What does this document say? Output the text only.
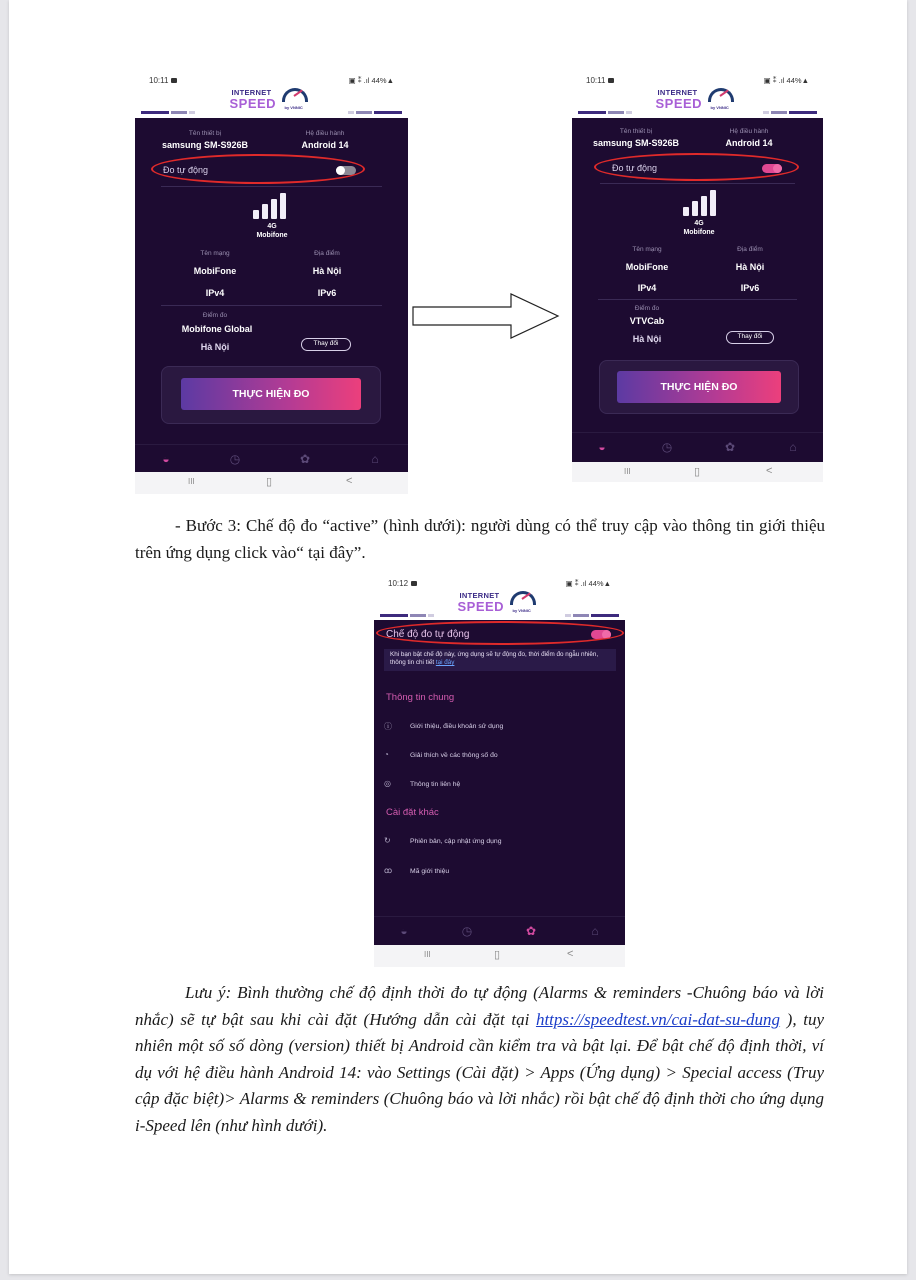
10:11	▣ ⁑ .ıl 44%▲
INTERNET
SPEED by VNNIC
Tên thiết bị
samsung SM-S926B
Hệ điều hành
Android 14
Đo tự động
4G
Mobifone
Tên mạng
MobiFone
Địa điểm
Hà Nội
IPv4	IPv6
Điểm đo
Mobifone Global
Hà Nội	Thay đổi
THỰC HIỆN ĐO
◒	◷	✿	⌂
III	▯	<
10:11	▣ ⁑ .ıl 44%▲
INTERNET
SPEED by VNNIC
Tên thiết bị
samsung SM-S926B
Hệ điều hành
Android 14
Đo tự động
4G
Mobifone
Tên mạng
MobiFone
Địa điểm
Hà Nội
IPv4	IPv6
Điểm đo
VTVCab
Hà Nội	Thay đổi
THỰC HIỆN ĐO
◒	◷	✿	⌂
III	▯	<
- Bước 3: Chế độ đo “active” (hình dưới): người dùng có thể truy cập vào thông tin giới thiệu trên ứng dụng click vào“ tại đây”.
10:12	▣ ⁑ .ıl 44%▲
INTERNET
SPEED by VNNIC
Chế độ đo tự động
Khi bạn bật chế độ này, ứng dụng sẽ tự động đo, thời điểm đo ngẫu nhiên, thông tin chi tiết tại đây
Thông tin chung
ⓘ	Giới thiệu, điều khoản sử dụng
◔	Giải thích về các thông số đo
◎	Thông tin liên hệ
Cài đặt khác
↻	Phiên bản, cập nhật ứng dụng
ꝏ	Mã giới thiệu
◒	◷	✿	⌂
III	▯	<
Lưu ý: Bình thường chế độ định thời đo tự động (Alarms & reminders -Chuông báo và lời nhắc) sẽ tự bật sau khi cài đặt (Hướng dẫn cài đặt tại https://speedtest.vn/cai-dat-su-dung ), tuy nhiên một số số dòng (version) thiết bị Android cần kiểm tra và bật lại. Để bật chế độ định thời, ví dụ với hệ điều hành Android 14: vào Settings (Cài đặt) > Apps (Ứng dụng) > Special access (Truy cập đặc biệt)> Alarms & reminders (Chuông báo và lời nhắc) rồi bật chế độ định thời cho ứng dụng i-Speed lên (như hình dưới).
